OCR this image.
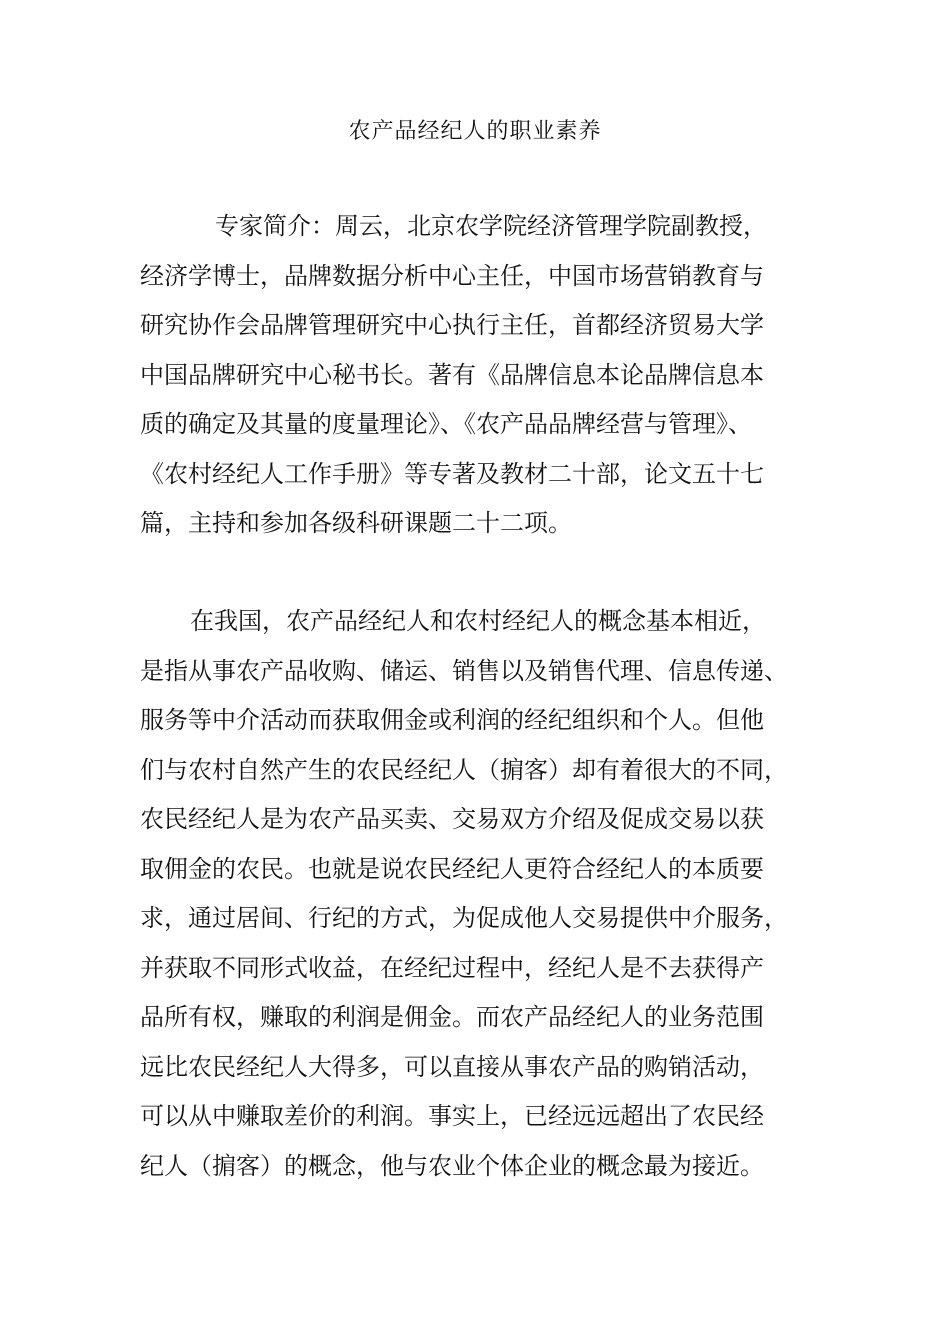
农产品经纪人的职业素养
专家简介：周云，北京农学院经济管理学院副教授，
经济学博士，品牌数据分析中心主任，中国市场营销教育与
研究协作会品牌管理研究中心执行主任，首都经济贸易大学
中国品牌研究中心秘书长。著有《品牌信息本论品牌信息本
质的确定及其量的度量理论》、《农产品品牌经营与管理》、
《农村经纪人工作手册》等专著及教材二十部，论文五十七
篇，主持和参加各级科研课题二十二项。
在我国，农产品经纪人和农村经纪人的概念基本相近，
是指从事农产品收购、储运、销售以及销售代理、信息传递、
服务等中介活动而获取佣金或利润的经纪组织和个人。但他
们与农村自然产生的农民经纪人（掮客）却有着很大的不同，
农民经纪人是为农产品买卖、交易双方介绍及促成交易以获
取佣金的农民。也就是说农民经纪人更符合经纪人的本质要
求，通过居间、行纪的方式，为促成他人交易提供中介服务，
并获取不同形式收益，在经纪过程中，经纪人是不去获得产
品所有权，赚取的利润是佣金。而农产品经纪人的业务范围
远比农民经纪人大得多，可以直接从事农产品的购销活动，
可以从中赚取差价的利润。事实上，已经远远超出了农民经
纪人（掮客）的概念，他与农业个体企业的概念最为接近。
